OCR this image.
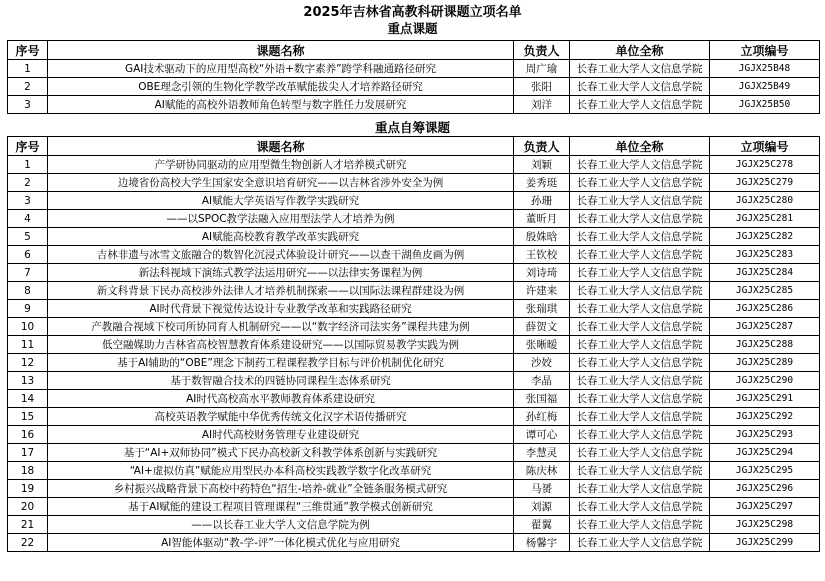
2025年吉林省高教科研课题立项名单
重点课题
序号	课题名称	负责人	单位全称	立项编号
1	GAI技术驱动下的应用型高校“外语+数字素养”跨学科融通路径研究	周广瑜	长春工业大学人文信息学院	JGJX25B48
2	OBE理念引领的生物化学教学改革赋能拔尖人才培养路径研究	张阳	长春工业大学人文信息学院	JGJX25B49
3	AI赋能的高校外语教师角色转型与数字胜任力发展研究	刘洋	长春工业大学人文信息学院	JGJX25B50
重点自筹课题
序号	课题名称	负责人	单位全称	立项编号
1	产学研协同驱动的应用型微生物创新人才培养模式研究	刘颖	长春工业大学人文信息学院	JGJX25C278
2	边境省份高校大学生国家安全意识培育研究——以吉林省涉外安全为例	姜秀珽	长春工业大学人文信息学院	JGJX25C279
3	AI赋能大学英语写作教学实践研究	孙珊	长春工业大学人文信息学院	JGJX25C280
4	——以SPOC教学法融入应用型法学人才培养为例	董昕月	长春工业大学人文信息学院	JGJX25C281
5	AI赋能高校教育教学改革实践研究	殷姝晗	长春工业大学人文信息学院	JGJX25C282
6	吉林非遗与冰雪文旅融合的数智化沉浸式体验设计研究——以查干湖鱼皮画为例	王钦校	长春工业大学人文信息学院	JGJX25C283
7	新法科视域下演练式教学法运用研究——以法律实务课程为例	刘诗琦	长春工业大学人文信息学院	JGJX25C284
8	新文科背景下民办高校涉外法律人才培养机制探索——以国际法课程群建设为例	许建来	长春工业大学人文信息学院	JGJX25C285
9	AI时代背景下视觉传达设计专业教学改革和实践路径研究	张瑞琪	长春工业大学人文信息学院	JGJX25C286
10	产教融合视域下校司所协同育人机制研究——以“数字经济司法实务”课程共建为例	薛贺文	长春工业大学人文信息学院	JGJX25C287
11	低空融媒助力吉林省高校智慧教育体系建设研究——以国际贸易教学实践为例	张晰暧	长春工业大学人文信息学院	JGJX25C288
12	基于AI辅助的“OBE”理念下制药工程课程教学目标与评价机制优化研究	沙姣	长春工业大学人文信息学院	JGJX25C289
13	基于数智融合技术的四链协同课程生态体系研究	李晶	长春工业大学人文信息学院	JGJX25C290
14	AI时代高校高水平教师教育体系建设研究	张国福	长春工业大学人文信息学院	JGJX25C291
15	高校英语教学赋能中华优秀传统文化汉字术语传播研究	孙红梅	长春工业大学人文信息学院	JGJX25C292
16	AI时代高校财务管理专业建设研究	谭可心	长春工业大学人文信息学院	JGJX25C293
17	基于“AI+双师协同”模式下民办高校新文科教学体系创新与实践研究	李慧灵	长春工业大学人文信息学院	JGJX25C294
18	“AI+虚拟仿真”赋能应用型民办本科高校实践教学数字化改革研究	陈庆林	长春工业大学人文信息学院	JGJX25C295
19	乡村振兴战略背景下高校中药特色“招生-培养-就业”全链条服务模式研究	马赟	长春工业大学人文信息学院	JGJX25C296
20	基于AI赋能的建设工程项目管理课程“三维贯通”教学模式创新研究	刘源	长春工业大学人文信息学院	JGJX25C297
21	——以长春工业大学人文信息学院为例	翟翼	长春工业大学人文信息学院	JGJX25C298
22	AI智能体驱动“教-学-评”一体化模式优化与应用研究	杨馨宇	长春工业大学人文信息学院	JGJX25C299
